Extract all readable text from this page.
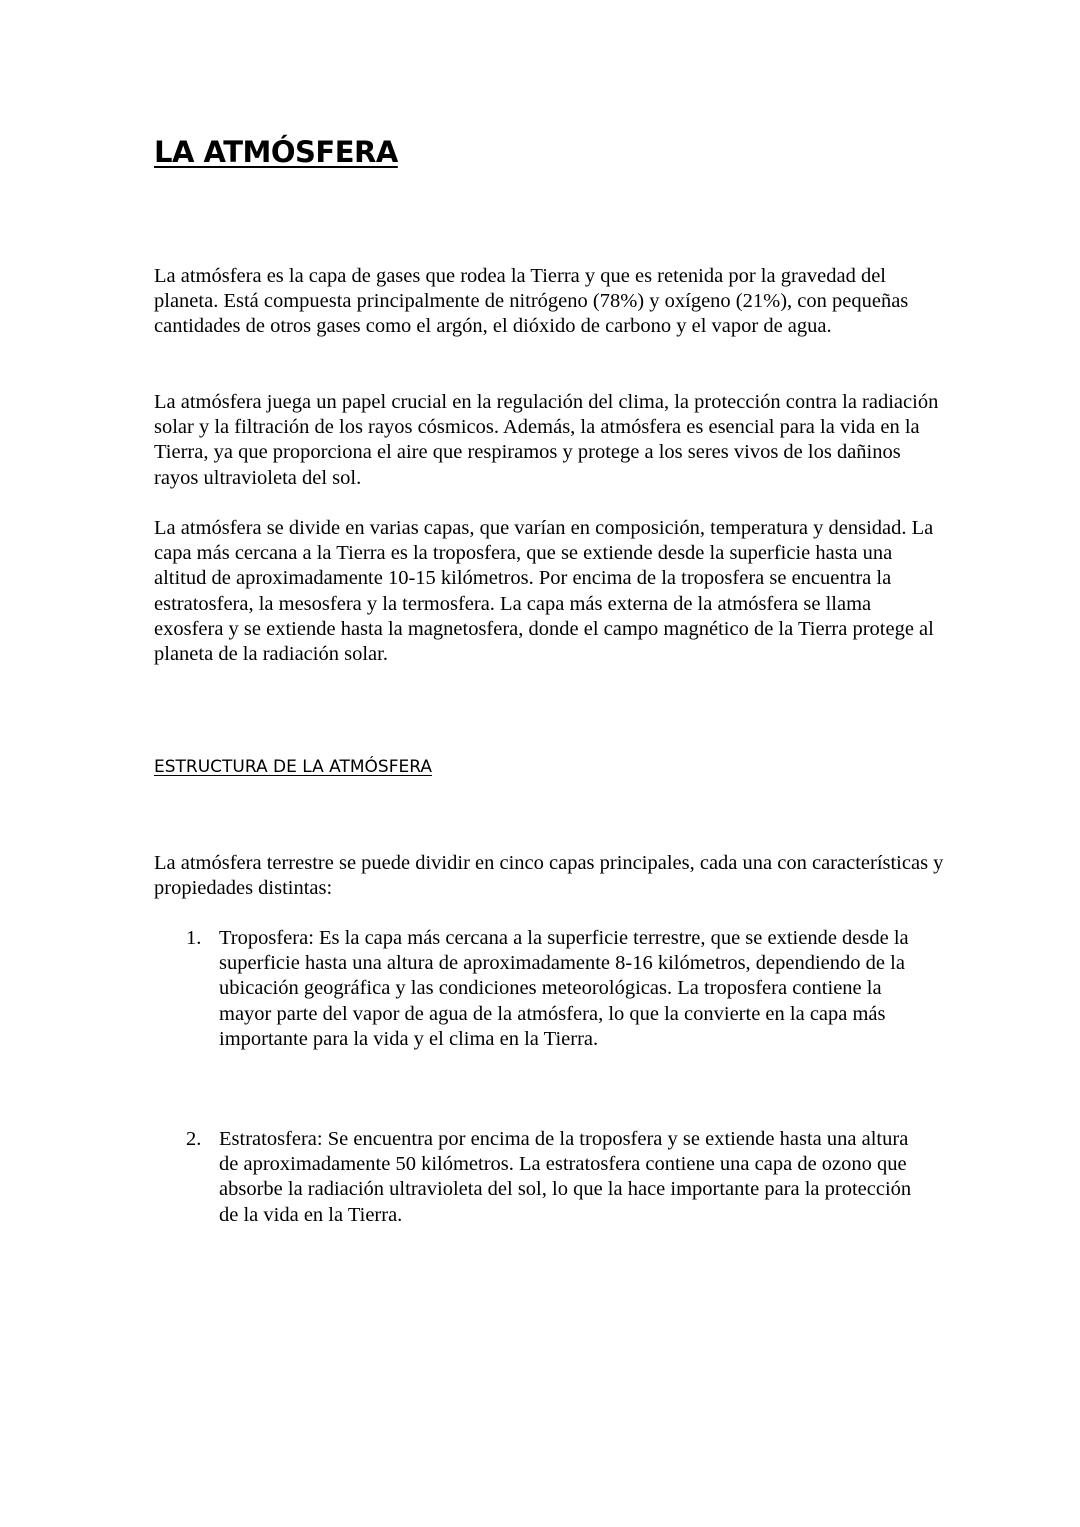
LA ATMÓSFERA

La atmósfera es la capa de gases que rodea la Tierra y que es retenida por la gravedad del planeta. Está compuesta principalmente de nitrógeno (78%) y oxígeno (21%), con pequeñas cantidades de otros gases como el argón, el dióxido de carbono y el vapor de agua.

La atmósfera juega un papel crucial en la regulación del clima, la protección contra la radiación solar y la filtración de los rayos cósmicos. Además, la atmósfera es esencial para la vida en la Tierra, ya que proporciona el aire que respiramos y protege a los seres vivos de los dañinos rayos ultravioleta del sol.

La atmósfera se divide en varias capas, que varían en composición, temperatura y densidad. La capa más cercana a la Tierra es la troposfera, que se extiende desde la superficie hasta una altitud de aproximadamente 10-15 kilómetros. Por encima de la troposfera se encuentra la estratosfera, la mesosfera y la termosfera. La capa más externa de la atmósfera se llama exosfera y se extiende hasta la magnetosfera, donde el campo magnético de la Tierra protege al planeta de la radiación solar.

ESTRUCTURA DE LA ATMÓSFERA

La atmósfera terrestre se puede dividir en cinco capas principales, cada una con características y propiedades distintas:

1. Troposfera: Es la capa más cercana a la superficie terrestre, que se extiende desde la superficie hasta una altura de aproximadamente 8-16 kilómetros, dependiendo de la ubicación geográfica y las condiciones meteorológicas. La troposfera contiene la mayor parte del vapor de agua de la atmósfera, lo que la convierte en la capa más importante para la vida y el clima en la Tierra.
2. Estratosfera: Se encuentra por encima de la troposfera y se extiende hasta una altura de aproximadamente 50 kilómetros. La estratosfera contiene una capa de ozono que absorbe la radiación ultravioleta del sol, lo que la hace importante para la protección de la vida en la Tierra.
